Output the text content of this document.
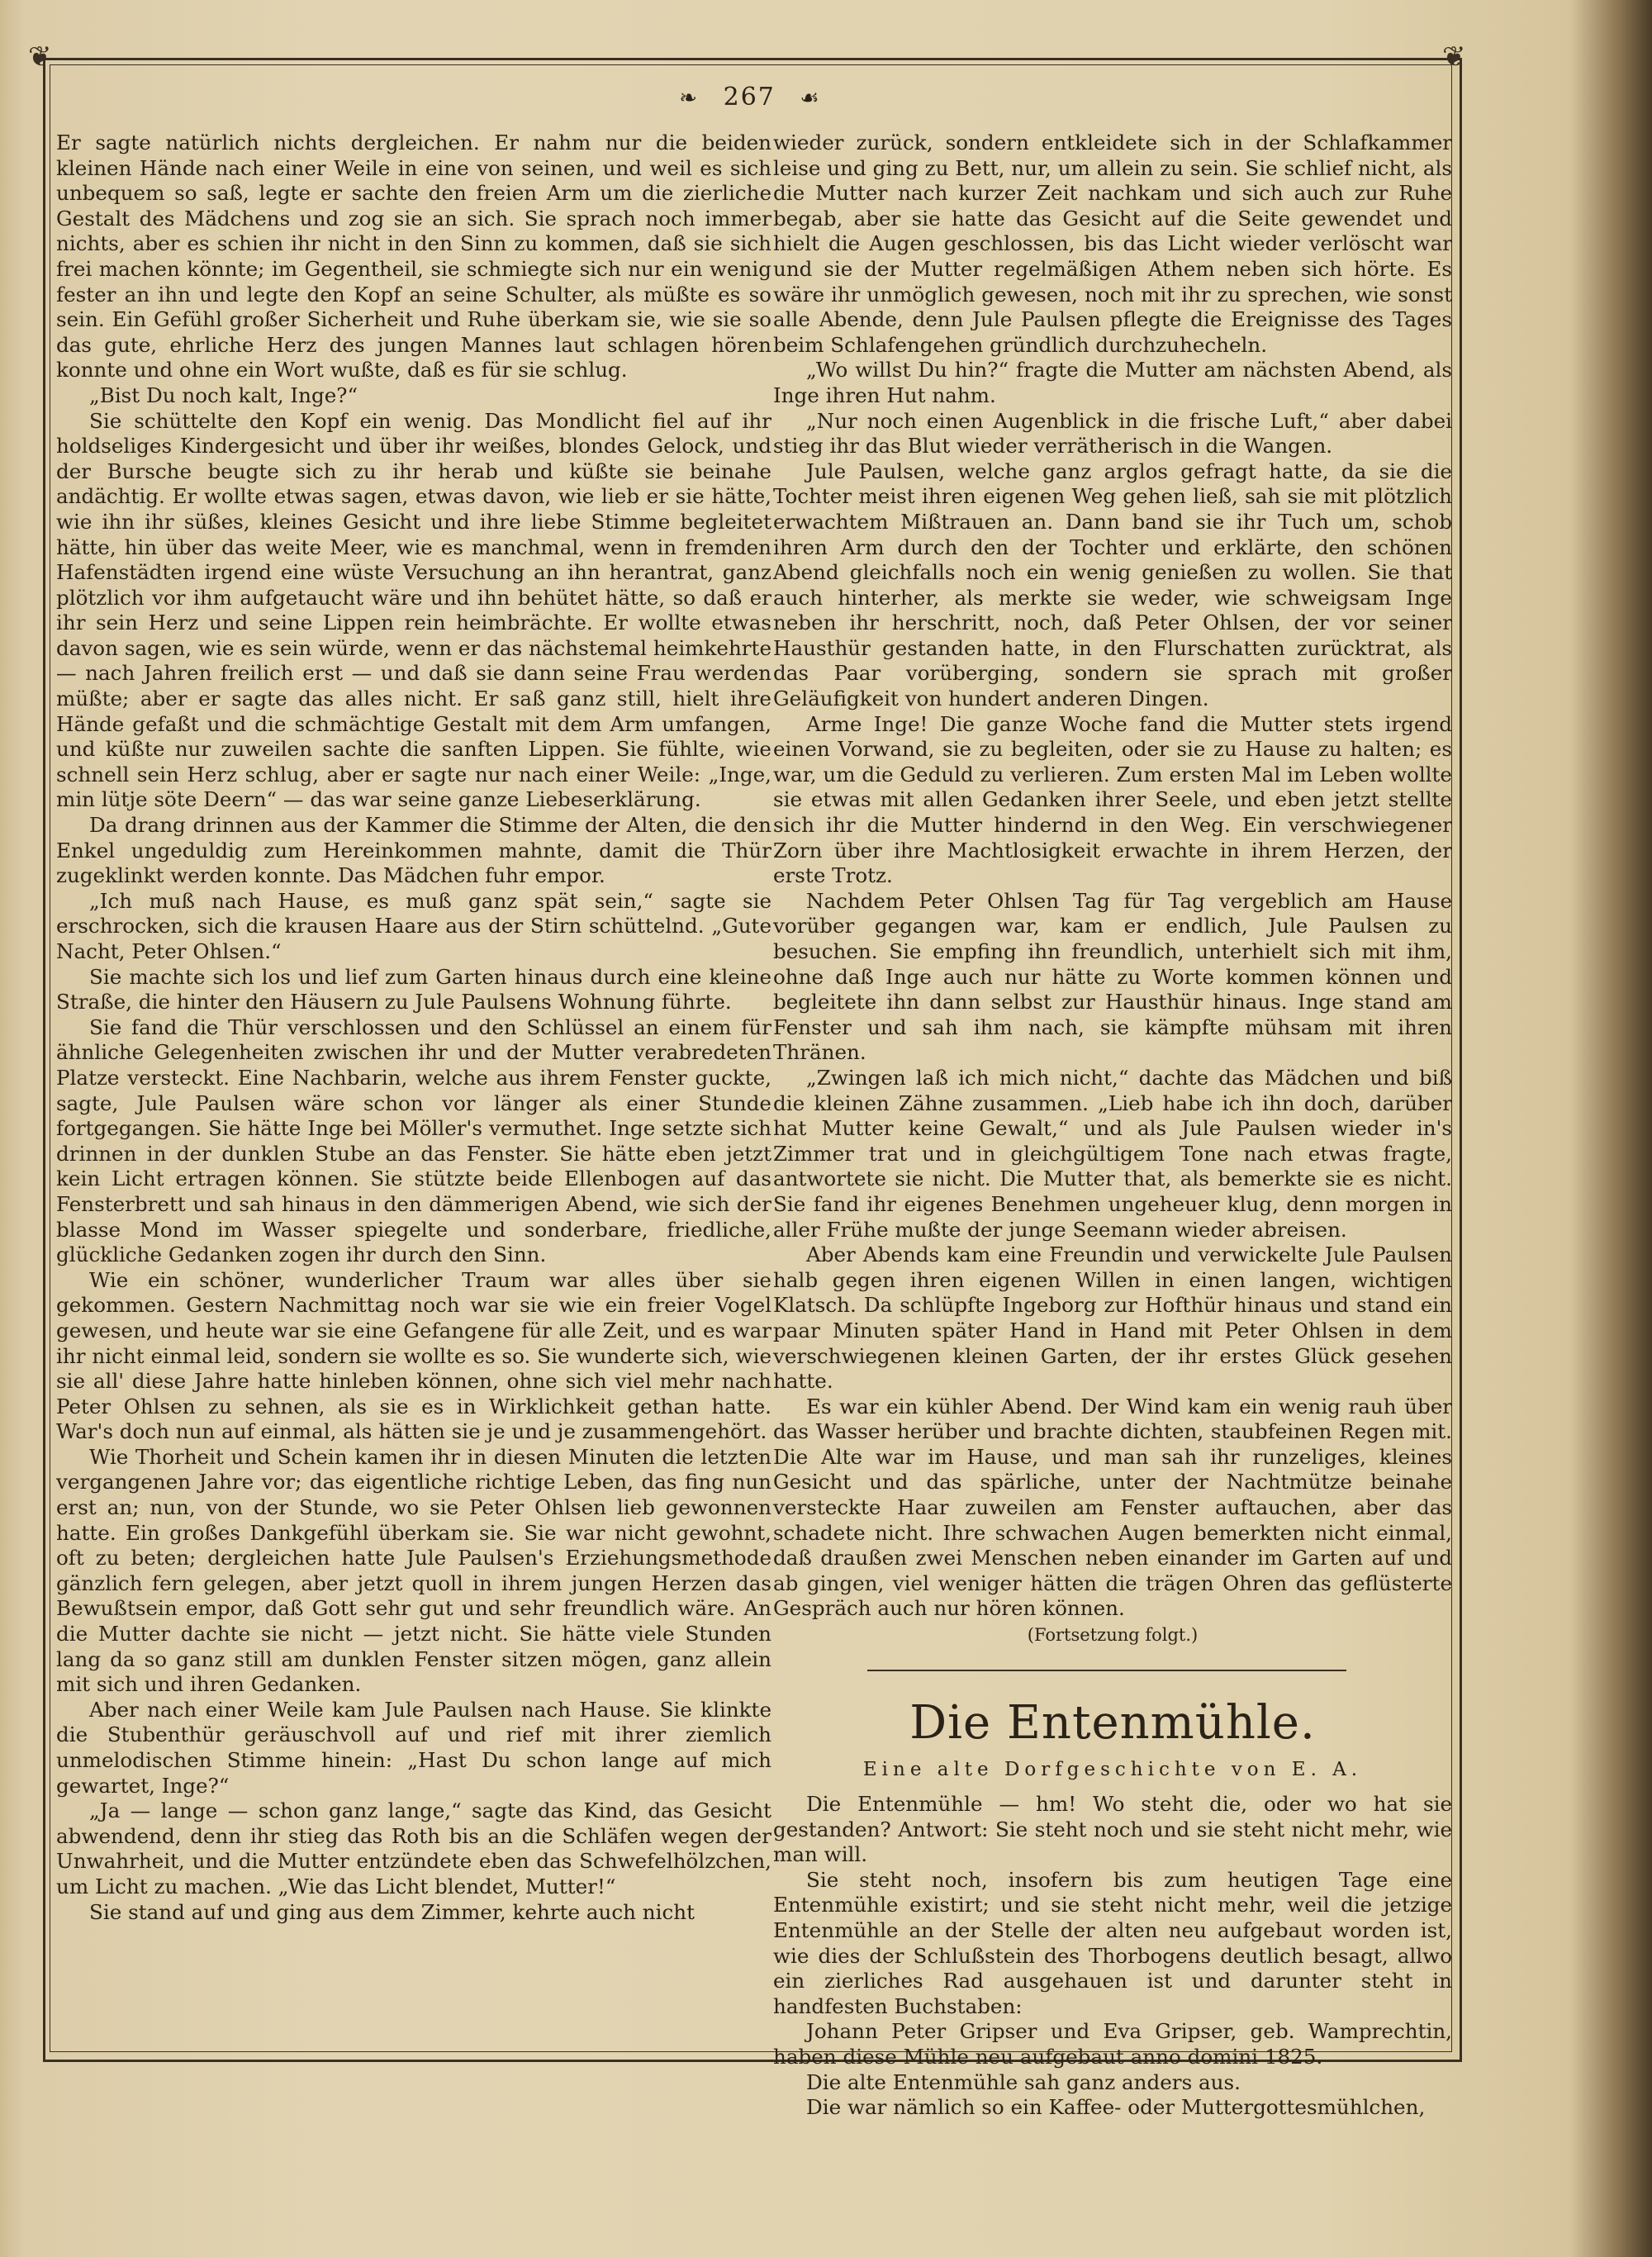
❦	❦
❧ 267 ☙

Er sagte natürlich nichts dergleichen. Er nahm nur die beiden kleinen Hände nach einer Weile in eine von seinen, und weil es sich unbequem so saß, legte er sachte den freien Arm um die zierliche Gestalt des Mädchens und zog sie an sich. Sie sprach noch immer nichts, aber es schien ihr nicht in den Sinn zu kommen, daß sie sich frei machen könnte; im Gegentheil, sie schmiegte sich nur ein wenig fester an ihn und legte den Kopf an seine Schulter, als müßte es so sein. Ein Gefühl großer Sicherheit und Ruhe überkam sie, wie sie so das gute, ehrliche Herz des jungen Mannes laut schlagen hören konnte und ohne ein Wort wußte, daß es für sie schlug.

„Bist Du noch kalt, Inge?“

Sie schüttelte den Kopf ein wenig. Das Mondlicht fiel auf ihr holdseliges Kindergesicht und über ihr weißes, blondes Gelock, und der Bursche beugte sich zu ihr herab und küßte sie beinahe andächtig. Er wollte etwas sagen, etwas davon, wie lieb er sie hätte, wie ihn ihr süßes, kleines Gesicht und ihre liebe Stimme begleitet hätte, hin über das weite Meer, wie es manchmal, wenn in fremden Hafenstädten irgend eine wüste Versuchung an ihn herantrat, ganz plötzlich vor ihm aufgetaucht wäre und ihn behütet hätte, so daß er ihr sein Herz und seine Lippen rein heimbrächte. Er wollte etwas davon sagen, wie es sein würde, wenn er das nächstemal heimkehrte — nach Jahren freilich erst — und daß sie dann seine Frau werden müßte; aber er sagte das alles nicht. Er saß ganz still, hielt ihre Hände gefaßt und die schmächtige Gestalt mit dem Arm umfangen, und küßte nur zuweilen sachte die sanften Lippen. Sie fühlte, wie schnell sein Herz schlug, aber er sagte nur nach einer Weile: „Inge, min lütje söte Deern“ — das war seine ganze Liebeserklärung.

Da drang drinnen aus der Kammer die Stimme der Alten, die den Enkel ungeduldig zum Hereinkommen mahnte, damit die Thür zugeklinkt werden konnte. Das Mädchen fuhr empor.

„Ich muß nach Hause, es muß ganz spät sein,“ sagte sie erschrocken, sich die krausen Haare aus der Stirn schüttelnd. „Gute Nacht, Peter Ohlsen.“

Sie machte sich los und lief zum Garten hinaus durch eine kleine Straße, die hinter den Häusern zu Jule Paulsens Wohnung führte.

Sie fand die Thür verschlossen und den Schlüssel an einem für ähnliche Gelegenheiten zwischen ihr und der Mutter verabredeten Platze versteckt. Eine Nachbarin, welche aus ihrem Fenster guckte, sagte, Jule Paulsen wäre schon vor länger als einer Stunde fortgegangen. Sie hätte Inge bei Möller's vermuthet. Inge setzte sich drinnen in der dunklen Stube an das Fenster. Sie hätte eben jetzt kein Licht ertragen können. Sie stützte beide Ellenbogen auf das Fensterbrett und sah hinaus in den dämmerigen Abend, wie sich der blasse Mond im Wasser spiegelte und sonderbare, friedliche, glückliche Gedanken zogen ihr durch den Sinn.

Wie ein schöner, wunderlicher Traum war alles über sie gekommen. Gestern Nachmittag noch war sie wie ein freier Vogel gewesen, und heute war sie eine Gefangene für alle Zeit, und es war ihr nicht einmal leid, sondern sie wollte es so. Sie wunderte sich, wie sie all' diese Jahre hatte hinleben können, ohne sich viel mehr nach Peter Ohlsen zu sehnen, als sie es in Wirklichkeit gethan hatte. War's doch nun auf einmal, als hätten sie je und je zusammengehört.

Wie Thorheit und Schein kamen ihr in diesen Minuten die letzten vergangenen Jahre vor; das eigentliche richtige Leben, das fing nun erst an; nun, von der Stunde, wo sie Peter Ohlsen lieb gewonnen hatte. Ein großes Dankgefühl überkam sie. Sie war nicht gewohnt, oft zu beten; dergleichen hatte Jule Paulsen's Erziehungsmethode gänzlich fern gelegen, aber jetzt quoll in ihrem jungen Herzen das Bewußtsein empor, daß Gott sehr gut und sehr freundlich wäre. An die Mutter dachte sie nicht — jetzt nicht. Sie hätte viele Stunden lang da so ganz still am dunklen Fenster sitzen mögen, ganz allein mit sich und ihren Gedanken.

Aber nach einer Weile kam Jule Paulsen nach Hause. Sie klinkte die Stubenthür geräuschvoll auf und rief mit ihrer ziemlich unmelodischen Stimme hinein: „Hast Du schon lange auf mich gewartet, Inge?“

„Ja — lange — schon ganz lange,“ sagte das Kind, das Gesicht abwendend, denn ihr stieg das Roth bis an die Schläfen wegen der Unwahrheit, und die Mutter entzündete eben das Schwefelhölzchen, um Licht zu machen. „Wie das Licht blendet, Mutter!“

Sie stand auf und ging aus dem Zimmer, kehrte auch nicht

wieder zurück, sondern entkleidete sich in der Schlafkammer leise und ging zu Bett, nur, um allein zu sein. Sie schlief nicht, als die Mutter nach kurzer Zeit nachkam und sich auch zur Ruhe begab, aber sie hatte das Gesicht auf die Seite gewendet und hielt die Augen geschlossen, bis das Licht wieder verlöscht war und sie der Mutter regelmäßigen Athem neben sich hörte. Es wäre ihr unmöglich gewesen, noch mit ihr zu sprechen, wie sonst alle Abende, denn Jule Paulsen pflegte die Ereignisse des Tages beim Schlafengehen gründlich durchzuhecheln.

„Wo willst Du hin?“ fragte die Mutter am nächsten Abend, als Inge ihren Hut nahm.

„Nur noch einen Augenblick in die frische Luft,“ aber dabei stieg ihr das Blut wieder verrätherisch in die Wangen.

Jule Paulsen, welche ganz arglos gefragt hatte, da sie die Tochter meist ihren eigenen Weg gehen ließ, sah sie mit plötzlich erwachtem Mißtrauen an. Dann band sie ihr Tuch um, schob ihren Arm durch den der Tochter und erklärte, den schönen Abend gleichfalls noch ein wenig genießen zu wollen. Sie that auch hinterher, als merkte sie weder, wie schweigsam Inge neben ihr herschritt, noch, daß Peter Ohlsen, der vor seiner Hausthür gestanden hatte, in den Flurschatten zurücktrat, als das Paar vorüberging, sondern sie sprach mit großer Geläufigkeit von hundert anderen Dingen.

Arme Inge! Die ganze Woche fand die Mutter stets irgend einen Vorwand, sie zu begleiten, oder sie zu Hause zu halten; es war, um die Geduld zu verlieren. Zum ersten Mal im Leben wollte sie etwas mit allen Gedanken ihrer Seele, und eben jetzt stellte sich ihr die Mutter hindernd in den Weg. Ein verschwiegener Zorn über ihre Machtlosigkeit erwachte in ihrem Herzen, der erste Trotz.

Nachdem Peter Ohlsen Tag für Tag vergeblich am Hause vorüber gegangen war, kam er endlich, Jule Paulsen zu besuchen. Sie empfing ihn freundlich, unterhielt sich mit ihm, ohne daß Inge auch nur hätte zu Worte kommen können und begleitete ihn dann selbst zur Hausthür hinaus. Inge stand am Fenster und sah ihm nach, sie kämpfte mühsam mit ihren Thränen.

„Zwingen laß ich mich nicht,“ dachte das Mädchen und biß die kleinen Zähne zusammen. „Lieb habe ich ihn doch, darüber hat Mutter keine Gewalt,“ und als Jule Paulsen wieder in's Zimmer trat und in gleichgültigem Tone nach etwas fragte, antwortete sie nicht. Die Mutter that, als bemerkte sie es nicht. Sie fand ihr eigenes Benehmen ungeheuer klug, denn morgen in aller Frühe mußte der junge Seemann wieder abreisen.

Aber Abends kam eine Freundin und verwickelte Jule Paulsen halb gegen ihren eigenen Willen in einen langen, wichtigen Klatsch. Da schlüpfte Ingeborg zur Hofthür hinaus und stand ein paar Minuten später Hand in Hand mit Peter Ohlsen in dem verschwiegenen kleinen Garten, der ihr erstes Glück gesehen hatte.

Es war ein kühler Abend. Der Wind kam ein wenig rauh über das Wasser herüber und brachte dichten, staubfeinen Regen mit. Die Alte war im Hause, und man sah ihr runzeliges, kleines Gesicht und das spärliche, unter der Nachtmütze beinahe versteckte Haar zuweilen am Fenster auftauchen, aber das schadete nicht. Ihre schwachen Augen bemerkten nicht einmal, daß draußen zwei Menschen neben einander im Garten auf und ab gingen, viel weniger hätten die trägen Ohren das geflüsterte Gespräch auch nur hören können.

(Fortsetzung folgt.)
Die Entenmühle.
Eine alte Dorfgeschichte von E. A.

Die Entenmühle — hm! Wo steht die, oder wo hat sie gestanden? Antwort: Sie steht noch und sie steht nicht mehr, wie man will.

Sie steht noch, insofern bis zum heutigen Tage eine Entenmühle existirt; und sie steht nicht mehr, weil die jetzige Entenmühle an der Stelle der alten neu aufgebaut worden ist, wie dies der Schlußstein des Thorbogens deutlich besagt, allwo ein zierliches Rad ausgehauen ist und darunter steht in handfesten Buchstaben:

Johann Peter Gripser und Eva Gripser, geb. Wamprechtin, haben diese Mühle neu aufgebaut anno domini 1825.

Die alte Entenmühle sah ganz anders aus.

Die war nämlich so ein Kaffee- oder Muttergottesmühlchen,
